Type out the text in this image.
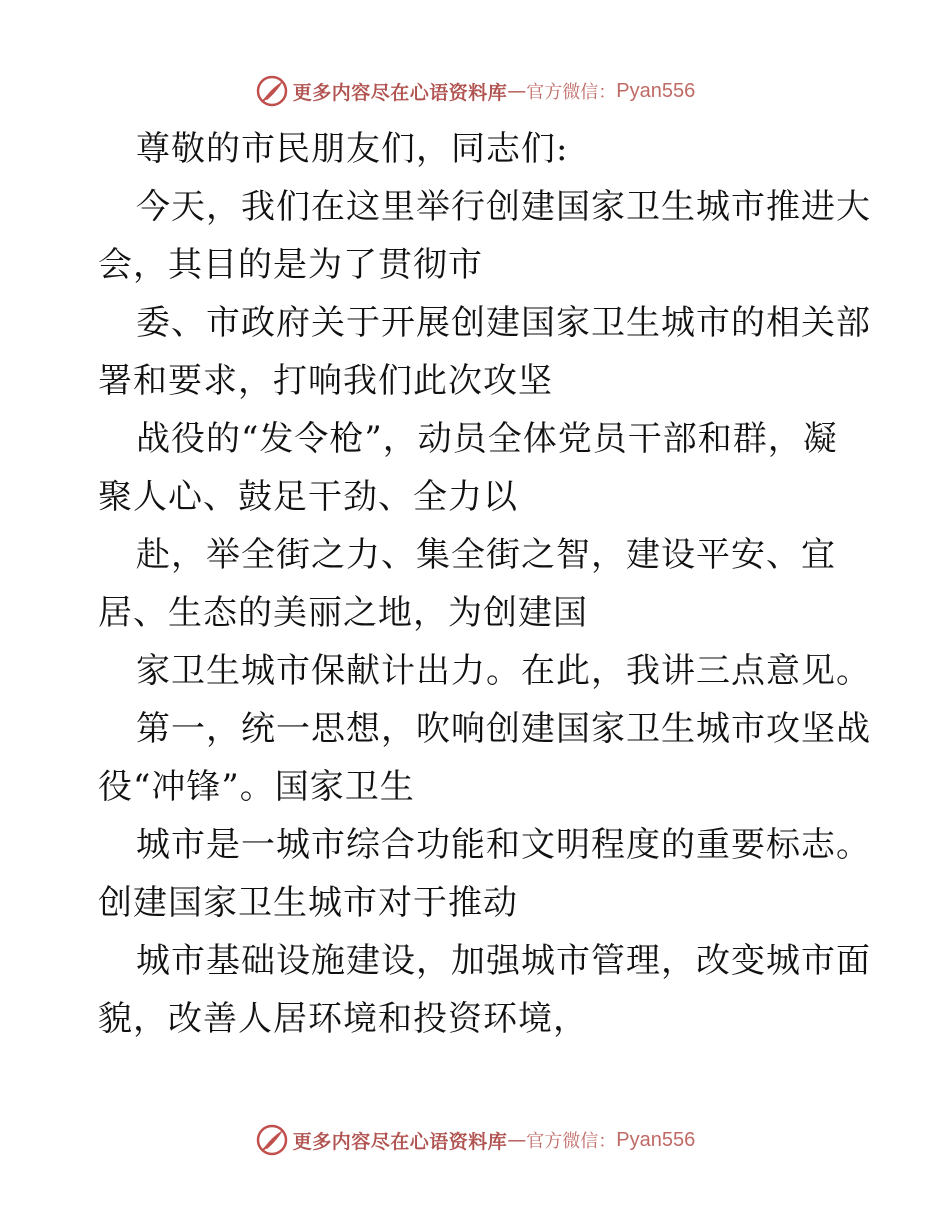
更多内容尽在心语资料库 — 官方微信： Pyan556
尊敬的市民朋友们，同志们:
今天，我们在这里举行创建国家卫生城市推进大
会，其目的是为了贯彻市
委、市政府关于开展创建国家卫生城市的相关部
署和要求，打响我们此次攻坚
战役的“发令枪”，动员全体党员干部和群，凝
聚人心、鼓足干劲、全力以
赴，举全街之力、集全街之智，建设平安、宜
居、生态的美丽之地，为创建国
家卫生城市保献计出力。在此，我讲三点意见。
第一，统一思想，吹响创建国家卫生城市攻坚战
役“冲锋”。国家卫生
城市是一城市综合功能和文明程度的重要标志。
创建国家卫生城市对于推动
城市基础设施建设，加强城市管理，改变城市面
貌，改善人居环境和投资环境，
更多内容尽在心语资料库 — 官方微信： Pyan556
